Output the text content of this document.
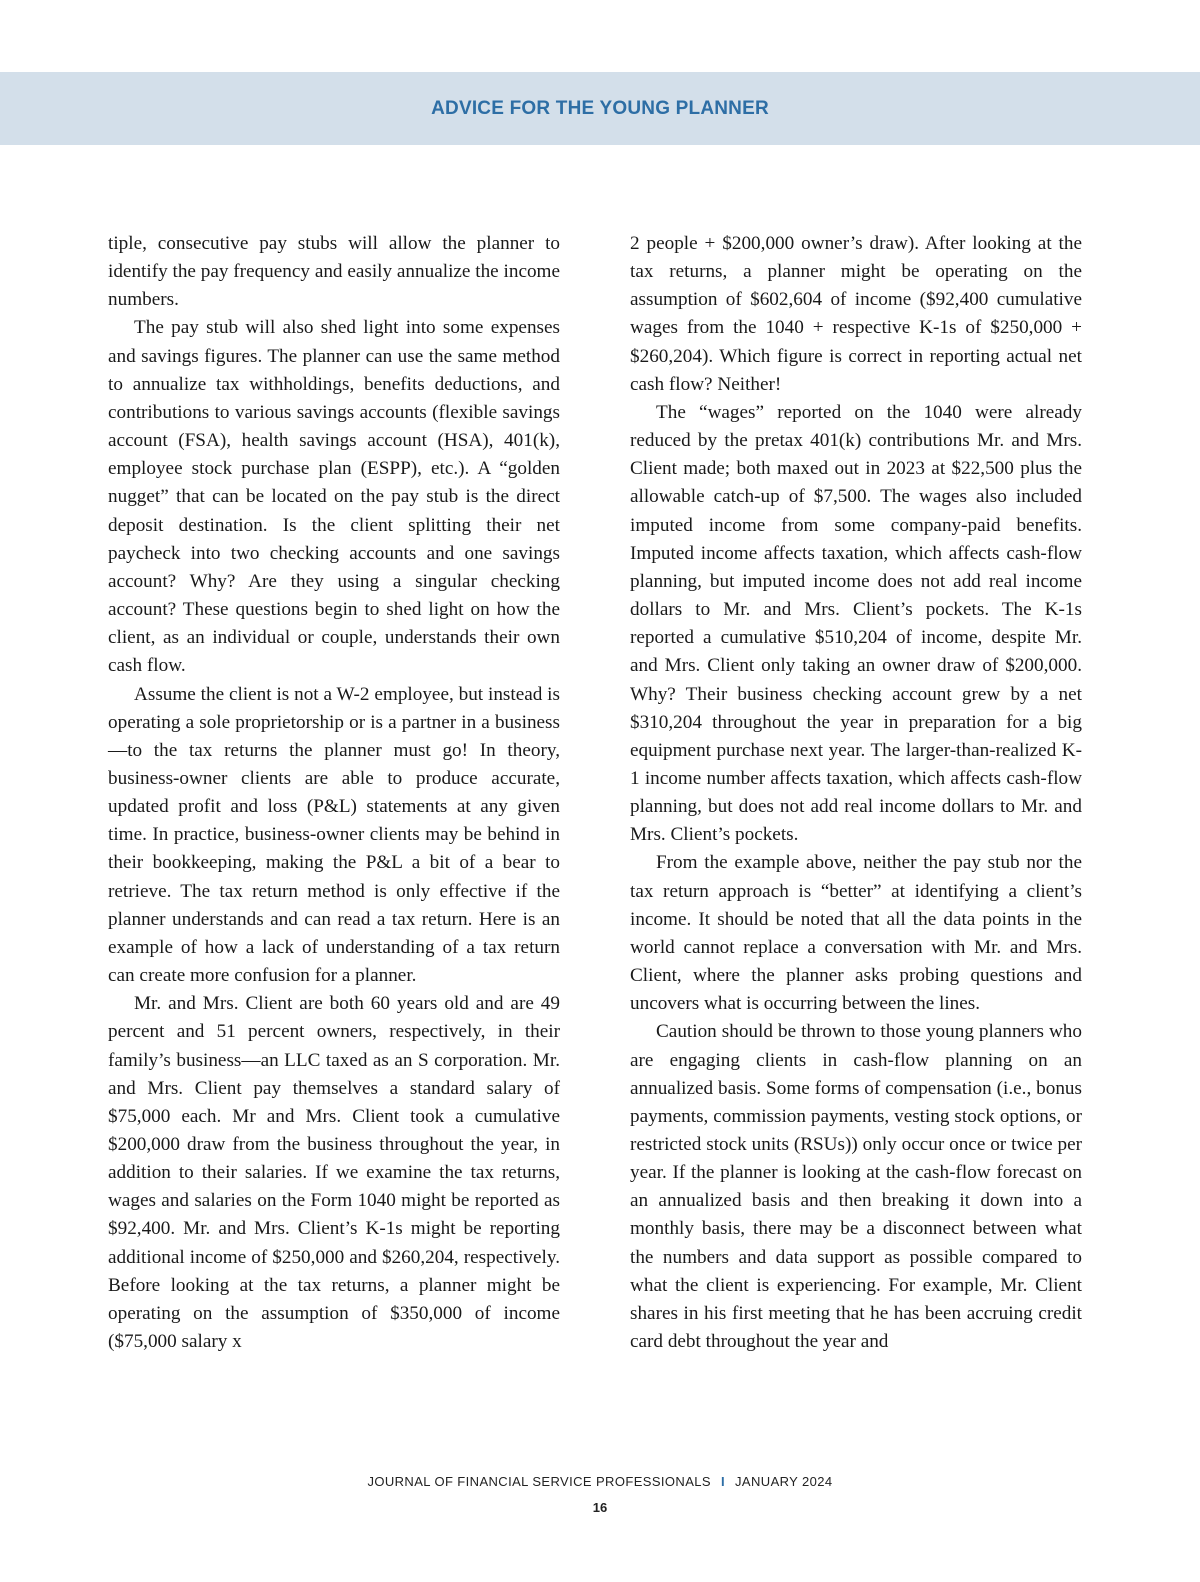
ADVICE FOR THE YOUNG PLANNER

tiple, consecutive pay stubs will allow the planner to identify the pay frequency and easily annualize the income numbers.

The pay stub will also shed light into some expenses and savings figures. The planner can use the same method to annualize tax withholdings, benefits deductions, and contributions to various savings accounts (flexible savings account (FSA), health savings account (HSA), 401(k), employee stock purchase plan (ESPP), etc.). A “golden nugget” that can be located on the pay stub is the direct deposit destination. Is the client splitting their net paycheck into two checking accounts and one savings account? Why? Are they using a singular checking account? These questions begin to shed light on how the client, as an individual or couple, understands their own cash flow.

Assume the client is not a W-2 employee, but instead is operating a sole proprietorship or is a partner in a business—to the tax returns the planner must go! In theory, business-owner clients are able to produce accurate, updated profit and loss (P&L) statements at any given time. In practice, business-owner clients may be behind in their bookkeeping, making the P&L a bit of a bear to retrieve. The tax return method is only effective if the planner understands and can read a tax return. Here is an example of how a lack of understanding of a tax return can create more confusion for a planner.

Mr. and Mrs. Client are both 60 years old and are 49 percent and 51 percent owners, respectively, in their family’s business—an LLC taxed as an S corporation. Mr. and Mrs. Client pay themselves a standard salary of $75,000 each. Mr and Mrs. Client took a cumulative $200,000 draw from the business throughout the year, in addition to their salaries. If we examine the tax returns, wages and salaries on the Form 1040 might be reported as $92,400. Mr. and Mrs. Client’s K-1s might be reporting additional income of $250,000 and $260,204, respectively. Before looking at the tax returns, a planner might be operating on the assumption of $350,000 of income ($75,000 salary x

2 people + $200,000 owner’s draw). After looking at the tax returns, a planner might be operating on the assumption of $602,604 of income ($92,400 cumulative wages from the 1040 + respective K-1s of $250,000 + $260,204). Which figure is correct in reporting actual net cash flow? Neither!

The “wages” reported on the 1040 were already reduced by the pretax 401(k) contributions Mr. and Mrs. Client made; both maxed out in 2023 at $22,500 plus the allowable catch-up of $7,500. The wages also included imputed income from some company-paid benefits. Imputed income affects taxation, which affects cash-flow planning, but imputed income does not add real income dollars to Mr. and Mrs. Client’s pockets. The K-1s reported a cumulative $510,204 of income, despite Mr. and Mrs. Client only taking an owner draw of $200,000. Why? Their business checking account grew by a net $310,204 throughout the year in preparation for a big equipment purchase next year. The larger-than-realized K-1 income number affects taxation, which affects cash-flow planning, but does not add real income dollars to Mr. and Mrs. Client’s pockets.

From the example above, neither the pay stub nor the tax return approach is “better” at identifying a client’s income. It should be noted that all the data points in the world cannot replace a conversation with Mr. and Mrs. Client, where the planner asks probing questions and uncovers what is occurring between the lines.

Caution should be thrown to those young planners who are engaging clients in cash-flow planning on an annualized basis. Some forms of compensation (i.e., bonus payments, commission payments, vesting stock options, or restricted stock units (RSUs)) only occur once or twice per year. If the planner is looking at the cash-flow forecast on an annualized basis and then breaking it down into a monthly basis, there may be a disconnect between what the numbers and data support as possible compared to what the client is experiencing. For example, Mr. Client shares in his first meeting that he has been accruing credit card debt throughout the year and

JOURNAL OF FINANCIAL SERVICE PROFESSIONALS I JANUARY 2024
16
